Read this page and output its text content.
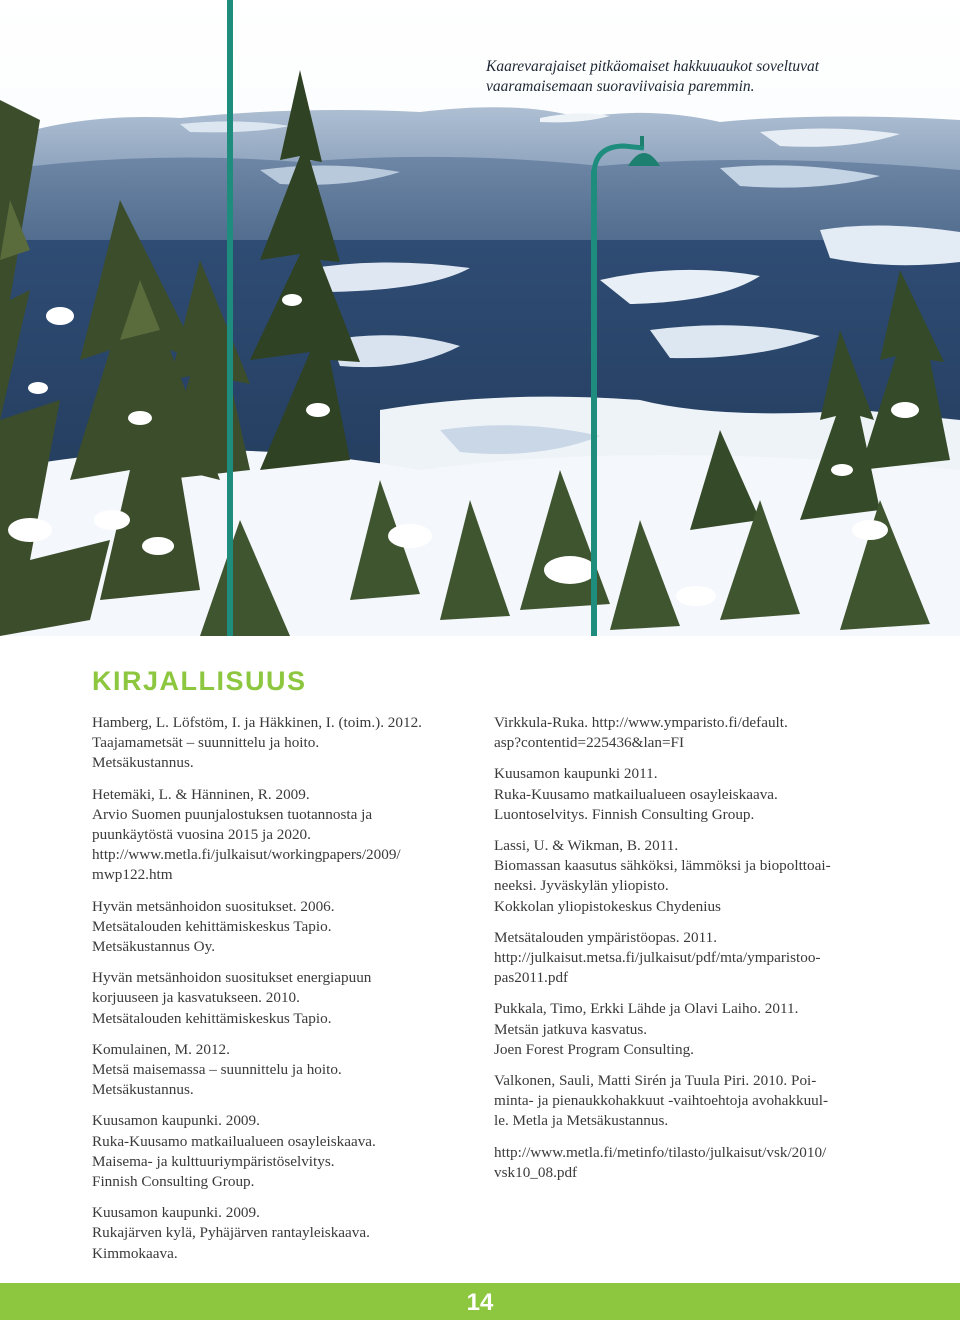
Kaarevarajaiset pitkäomaiset hakkuuaukot soveltuvat
vaaramaisemaan suoraviivaisia paremmin.
KIRJALLISUUS
Hamberg, L. Löfstöm, I. ja Häkkinen, I. (toim.). 2012.
Taajamametsät – suunnittelu ja hoito.
Metsäkustannus.
Hetemäki, L. & Hänninen, R. 2009.
Arvio Suomen puunjalostuksen tuotannosta ja
puunkäytöstä vuosina 2015 ja 2020.
http://www.metla.fi/julkaisut/workingpapers/2009/
mwp122.htm
Hyvän metsänhoidon suositukset. 2006.
Metsätalouden kehittämiskeskus Tapio.
Metsäkustannus Oy.
Hyvän metsänhoidon suositukset energiapuun
korjuuseen ja kasvatukseen. 2010.
Metsätalouden kehittämiskeskus Tapio.
Komulainen, M. 2012.
Metsä maisemassa – suunnittelu ja hoito.
Metsäkustannus.
Kuusamon kaupunki. 2009.
Ruka-Kuusamo matkailualueen osayleiskaava.
Maisema- ja kulttuuriympäristöselvitys.
Finnish Consulting Group.
Kuusamon kaupunki. 2009.
Rukajärven kylä, Pyhäjärven rantayleiskaava.
Kimmokaava.
Virkkula-Ruka. http://www.ymparisto.fi/default.
asp?contentid=225436&lan=FI
Kuusamon kaupunki 2011.
Ruka-Kuusamo matkailualueen osayleiskaava.
Luontoselvitys. Finnish Consulting Group.
Lassi, U. & Wikman, B. 2011.
Biomassan kaasutus sähköksi, lämmöksi ja biopolttoai-
neeksi. Jyväskylän yliopisto.
Kokkolan yliopistokeskus Chydenius
Metsätalouden ympäristöopas. 2011.
http://julkaisut.metsa.fi/julkaisut/pdf/mta/ymparistoo-
pas2011.pdf
Pukkala, Timo, Erkki Lähde ja Olavi Laiho. 2011.
Metsän jatkuva kasvatus.
Joen Forest Program Consulting.
Valkonen, Sauli, Matti Sirén ja Tuula Piri. 2010. Poi-
minta- ja pienaukkohakkuut -vaihtoehtoja avohakkuul-
le. Metla ja Metsäkustannus.
http://www.metla.fi/metinfo/tilasto/julkaisut/vsk/2010/
vsk10_08.pdf
14
